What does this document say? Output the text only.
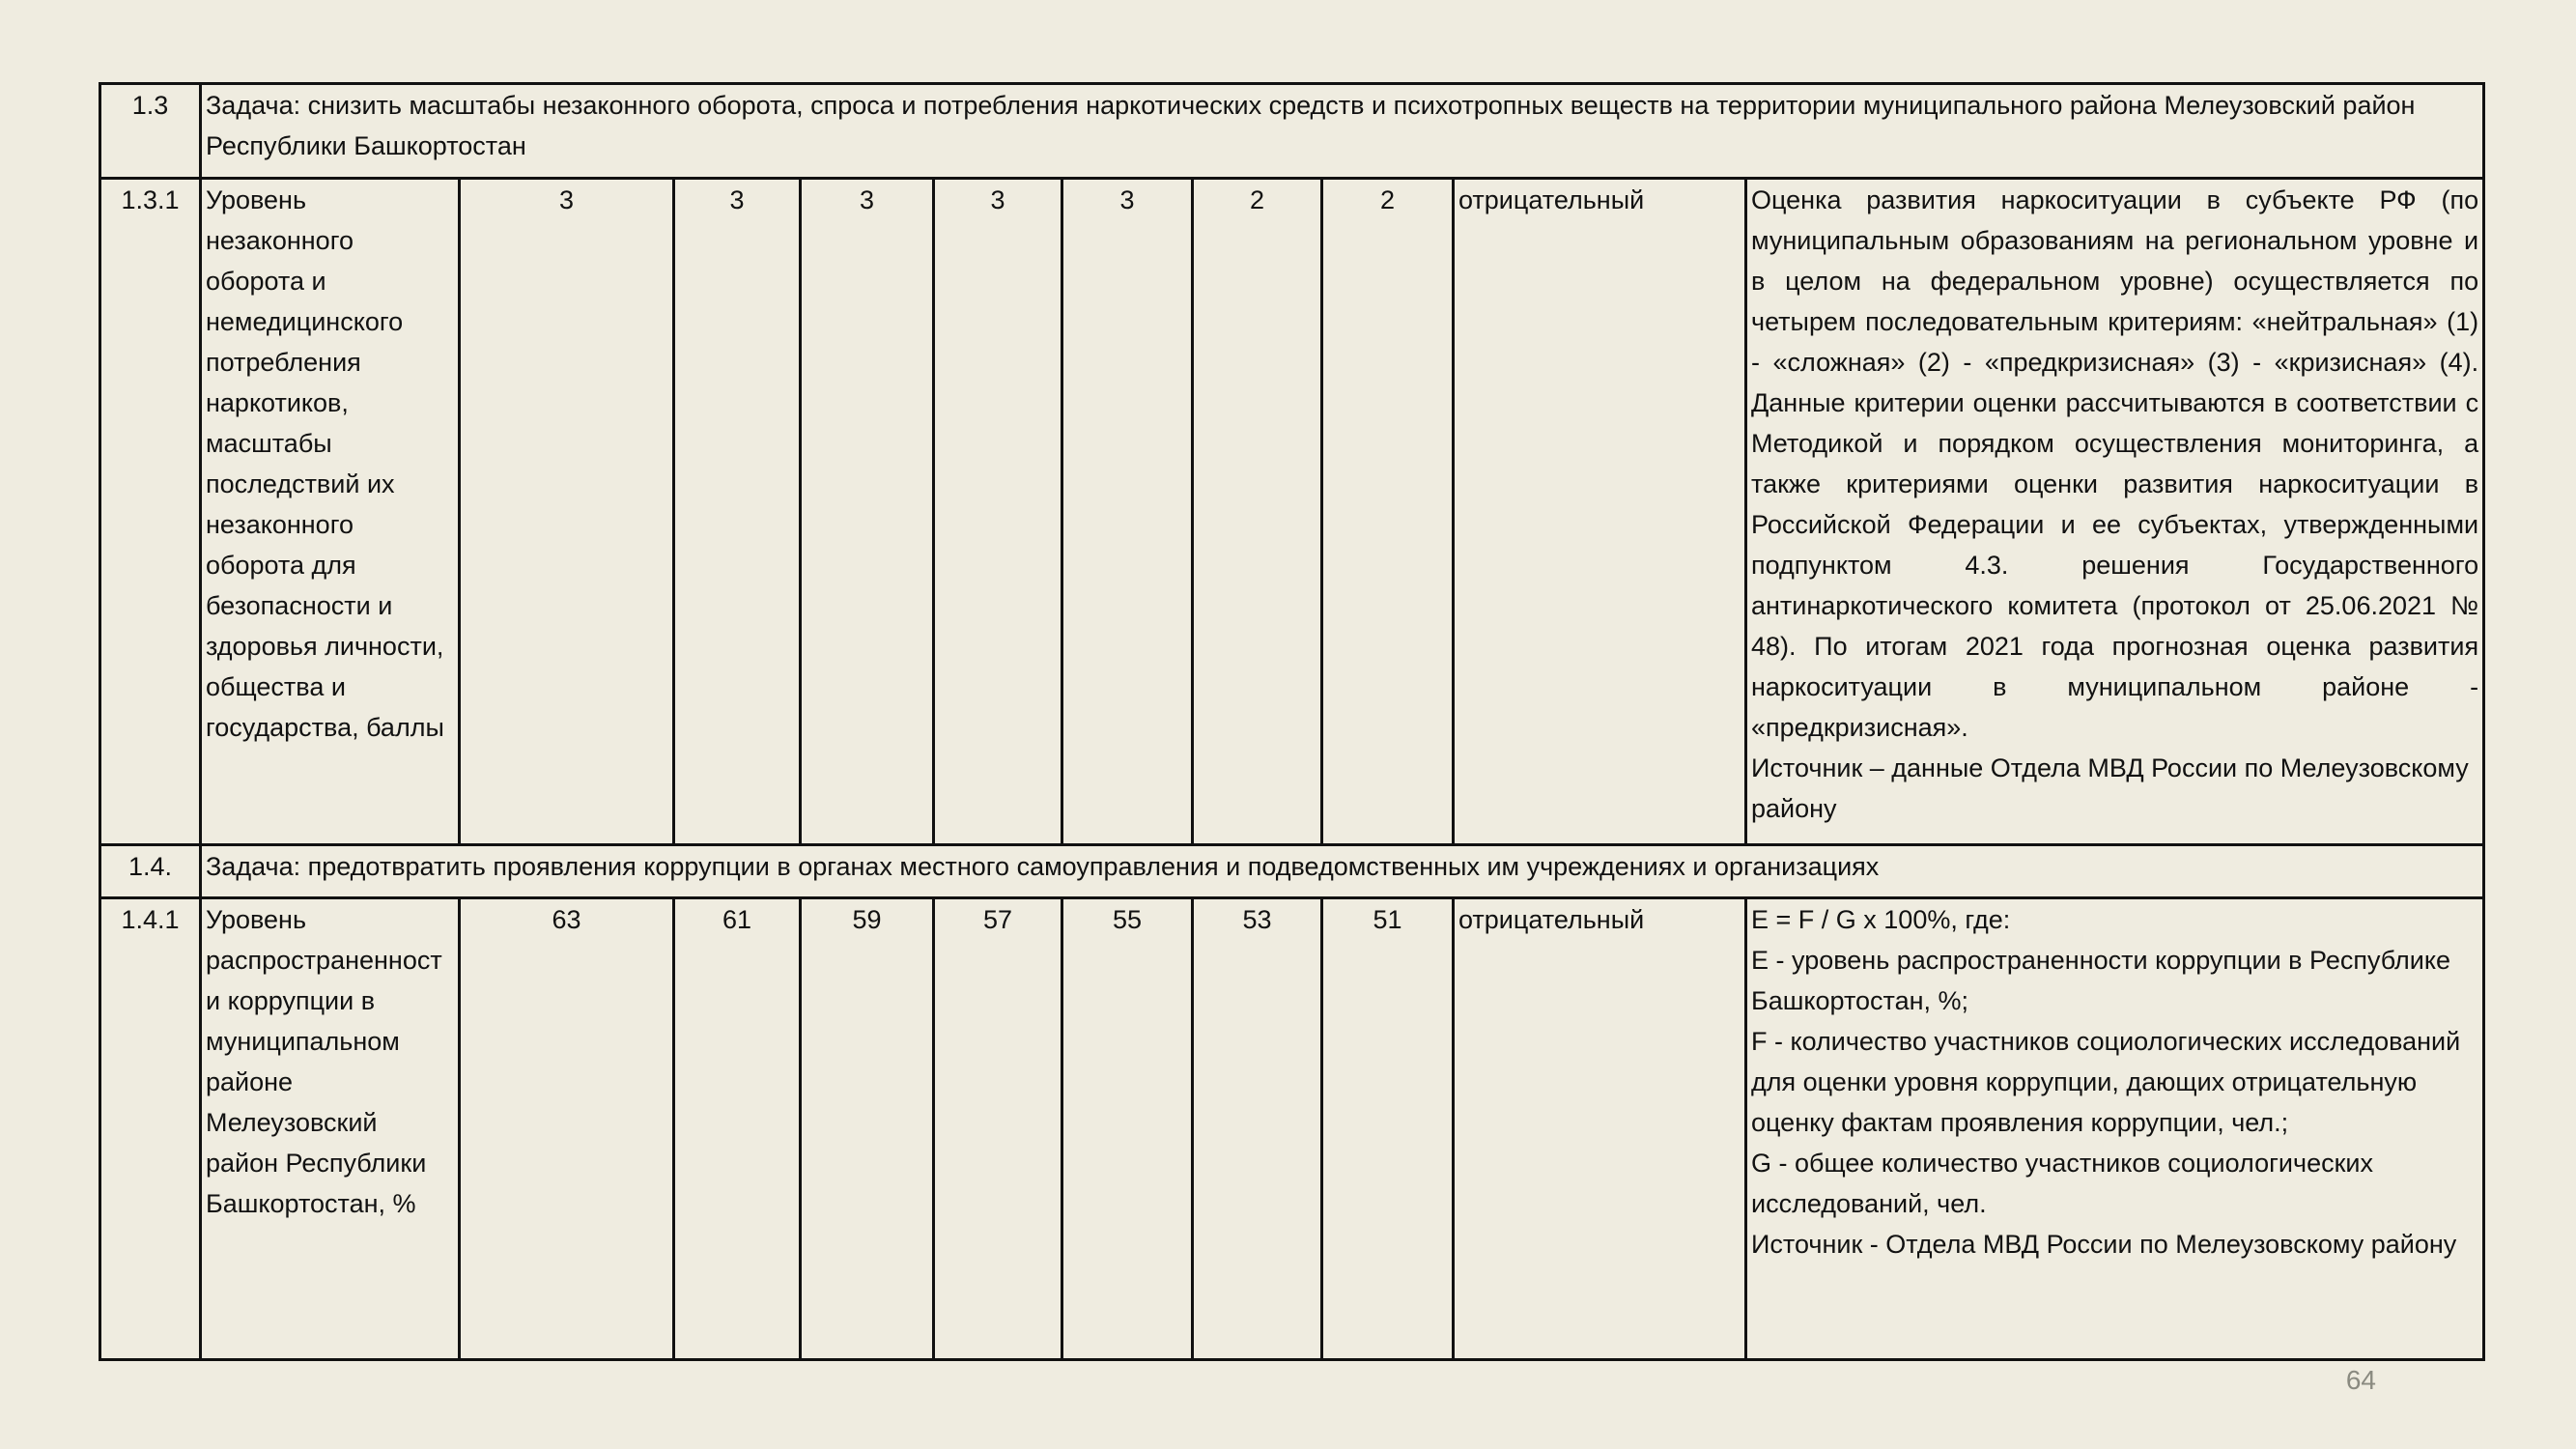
1.3	Задача: снизить масштабы незаконного оборота, спроса и потребления наркотических средств и психотропных веществ на территории муниципального района Мелеузовский район Республики Башкортостан									
1.3.1	Уровень незаконного оборота и немедицинского потребления наркотиков, масштабы последствий их незаконного оборота для безопасности и здоровья личности, общества и государства, баллы	3	3	3	3	3	2	2	отрицательный	Оценка развития наркоситуации в субъекте РФ (по муниципальным образованиям на региональном уровне и в целом на федеральном уровне) осуществляется по четырем последовательным критериям: «нейтральная» (1) - «сложная» (2) - «предкризисная» (3) - «кризисная» (4). Данные критерии оценки рассчитываются в соответствии с Методикой и порядком осуществления мониторинга, а также критериями оценки развития наркоситуации в Российской Федерации и ее субъектах, утвержденными подпунктом 4.3. решения Государственного антинаркотического комитета (протокол от 25.06.2021 № 48). По итогам 2021 года прогнозная оценка развития наркоситуации в муниципальном районе - «предкризисная».

Источник – данные Отдела МВД России по Мелеузовскому району

1.4.	Задача: предотвратить проявления коррупции в органах местного самоуправления и подведомственных им учреждениях и организациях									
1.4.1	Уровень распространенност и коррупции в муниципальном районе Мелеузовский район Республики Башкортостан, %	63	61	59	57	55	53	51	отрицательный	E = F / G x 100%, где:

E - уровень распространенности коррупции в Республике Башкортостан, %;

F - количество участников социологических исследований для оценки уровня коррупции, дающих отрицательную оценку фактам проявления коррупции, чел.;

G - общее количество участников социологических исследований, чел.

Источник - Отдела МВД России по Мелеузовскому району

64
